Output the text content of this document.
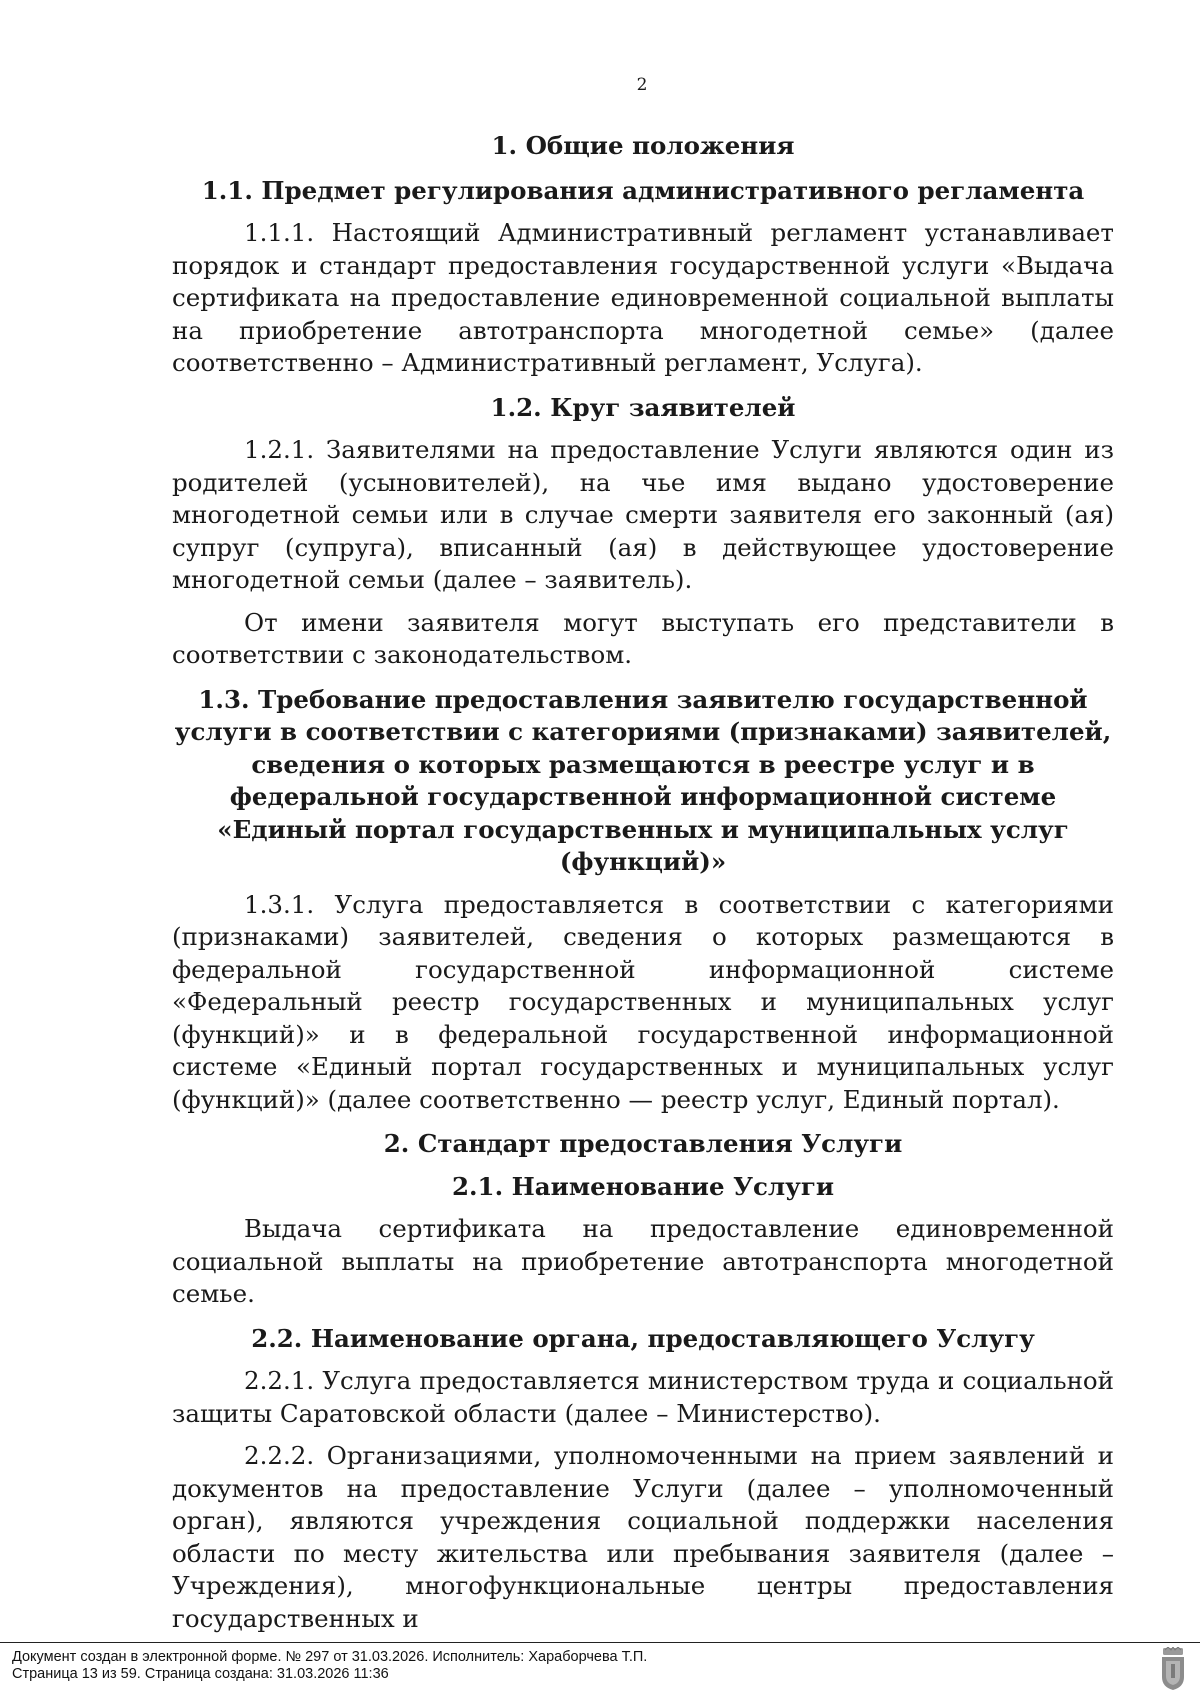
2

1. Общие положения

1.1. Предмет регулирования административного регламента

1.1.1. Настоящий Административный регламент устанавливает порядок и стандарт предоставления государственной услуги «Выдача сертификата на предоставление единовременной социальной выплаты на приобретение автотранспорта многодетной семье» (далее соответственно – Административный регламент, Услуга).

1.2. Круг заявителей

1.2.1. Заявителями на предоставление Услуги являются один из родителей (усыновителей), на чье имя выдано удостоверение многодетной семьи или в случае смерти заявителя его законный (ая) супруг (супруга), вписанный (ая) в действующее удостоверение многодетной семьи (далее – заявитель).

От имени заявителя могут выступать его представители в соответствии с законодательством.

1.3. Требование предоставления заявителю государственной услуги в соответствии с категориями (признаками) заявителей, сведения о которых размещаются в реестре услуг и в федеральной государственной информационной системе «Единый портал государственных и муниципальных услуг (функций)»

1.3.1. Услуга предоставляется в соответствии с категориями (признаками) заявителей, сведения о которых размещаются в федеральной государственной информационной системе «Федеральный реестр государственных и муниципальных услуг (функций)» и в федеральной государственной информационной системе «Единый портал государственных и муниципальных услуг (функций)» (далее соответственно — реестр услуг, Единый портал).

2. Стандарт предоставления Услуги

2.1. Наименование Услуги

Выдача сертификата на предоставление единовременной социальной выплаты на приобретение автотранспорта многодетной семье.

2.2. Наименование органа, предоставляющего Услугу

2.2.1. Услуга предоставляется министерством труда и социальной защиты Саратовской области (далее – Министерство).

2.2.2. Организациями, уполномоченными на прием заявлений и документов на предоставление Услуги (далее – уполномоченный орган), являются учреждения социальной поддержки населения области по месту жительства или пребывания заявителя (далее – Учреждения), многофункциональные центры предоставления государственных и

Документ создан в электронной форме. № 297 от 31.03.2026. Исполнитель: Хараборчева Т.П.
Страница 13 из 59. Страница создана: 31.03.2026 11:36
